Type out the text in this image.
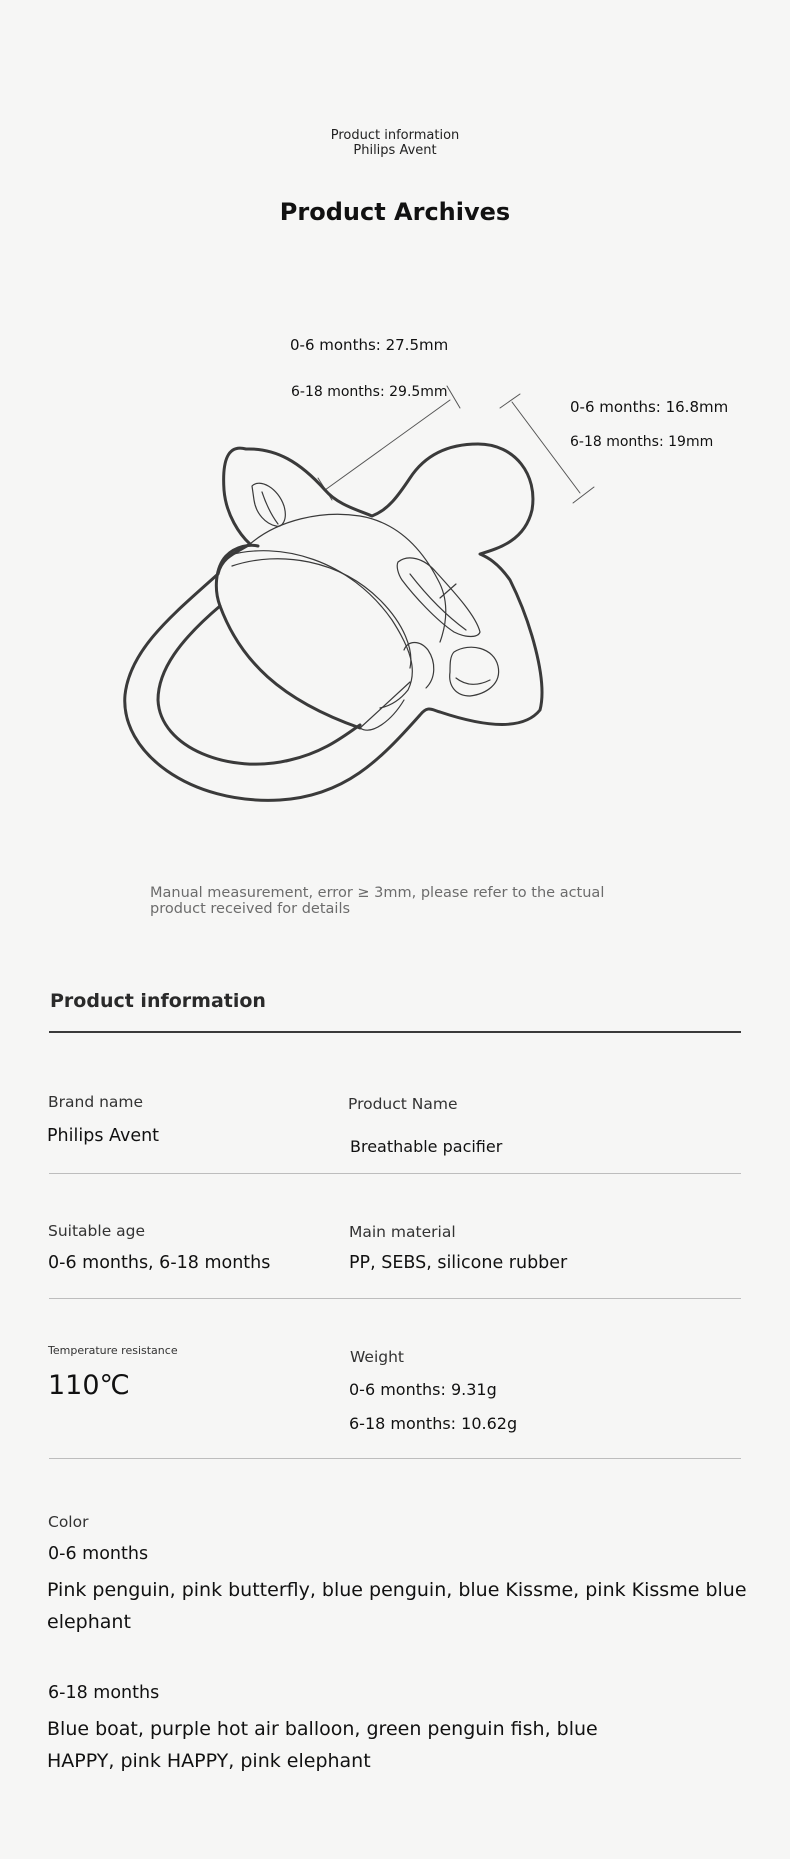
Product information
Philips Avent
Product Archives
0-6 months: 27.5mm
6-18 months: 29.5mm
0-6 months: 16.8mm
6-18 months: 19mm
Manual measurement, error ≥ 3mm, please refer to the actual product received for details
Product information
Brand name
Philips Avent
Product Name
Breathable pacifier
Suitable age
0-6 months, 6-18 months
Main material
PP, SEBS, silicone rubber
Temperature resistance
110℃
Weight
0-6 months: 9.31g
6-18 months: 10.62g
Color
0-6 months
Pink penguin, pink butterfly, blue penguin, blue Kissme, pink Kissme blue elephant
6-18 months
Blue boat, purple hot air balloon, green penguin fish, blue HAPPY, pink HAPPY, pink elephant
